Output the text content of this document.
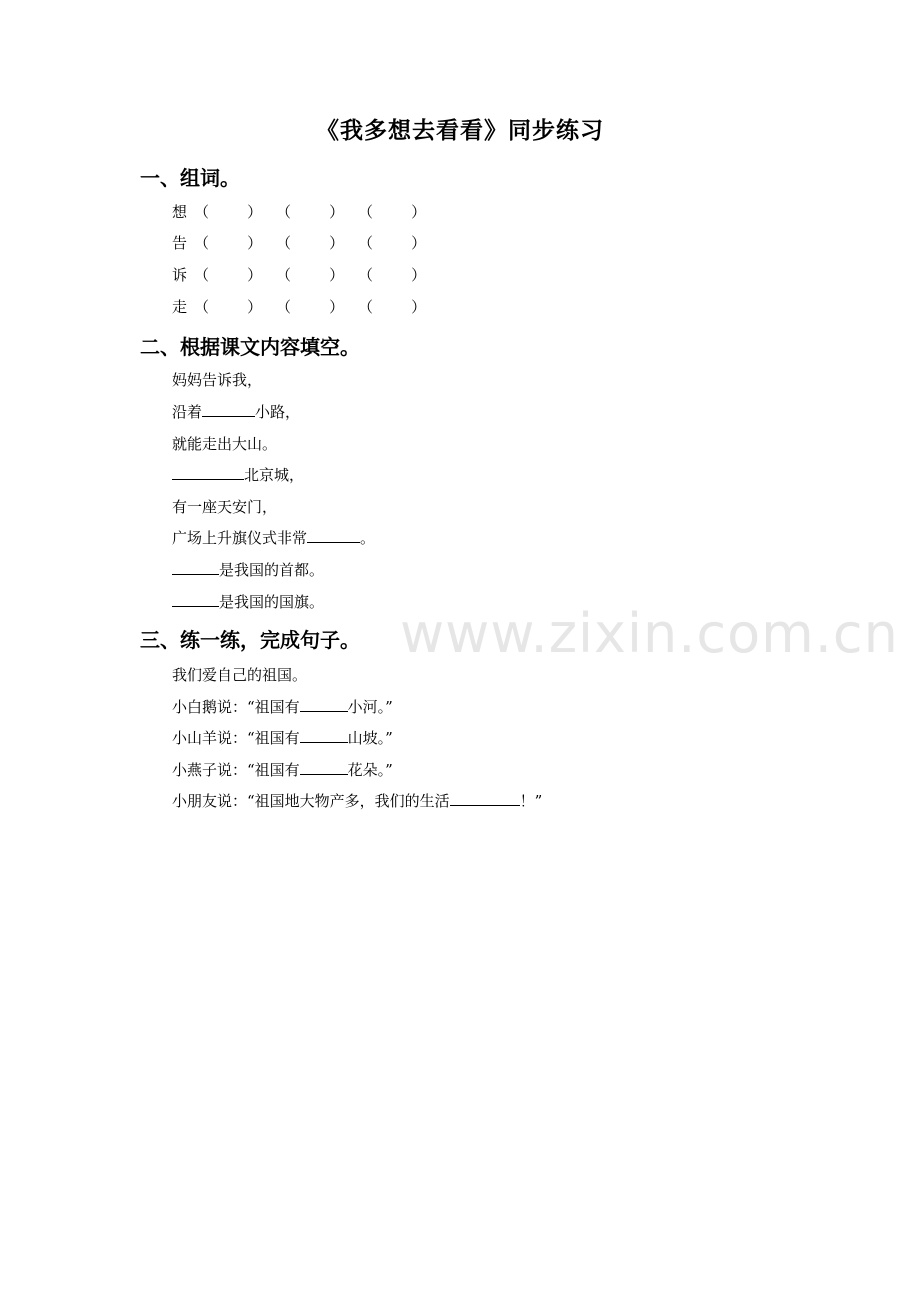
www.zixin.com.cn
《我多想去看看》同步练习
一、组词。
想 （        ） （        ） （        ）
告 （        ） （        ） （        ）
诉 （        ） （        ） （        ）
走 （        ） （        ） （        ）
二、根据课文内容填空。
妈妈告诉我，
沿着	小路，
就能走出大山。
北京城，
有一座天安门，
广场上升旗仪式非常	。
是我国的首都。
是我国的国旗。
三、练一练，完成句子。
我们爱自己的祖国。
小白鹅说：“祖国有	小河。”
小山羊说：“祖国有	山坡。”
小燕子说：“祖国有	花朵。”
小朋友说：“祖国地大物产多，我们的生活	！”
